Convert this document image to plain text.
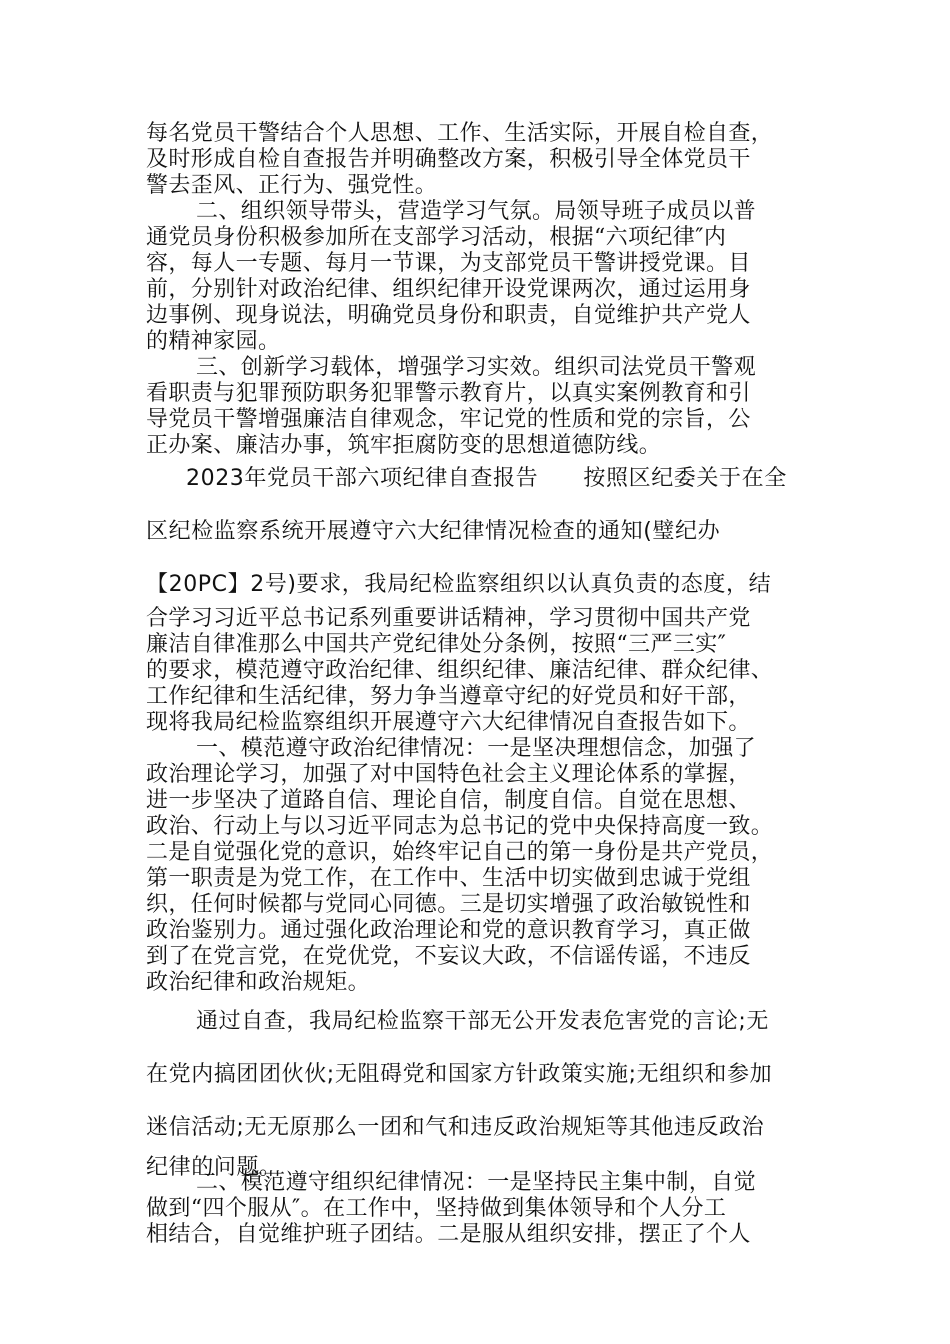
每名党员干警结合个人思想、工作、生活实际，开展自检自查，
及时形成自检自查报告并明确整改方案，积极引导全体党员干
警去歪风、正行为、强党性。
二、组织领导带头，营造学习气氛。局领导班子成员以普
通党员身份积极参加所在支部学习活动，根据“六项纪律″内
容，每人一专题、每月一节课，为支部党员干警讲授党课。目
前，分别针对政治纪律、组织纪律开设党课两次，通过运用身
边事例、现身说法，明确党员身份和职责，自觉维护共产党人
的精神家园。
三、创新学习载体，增强学习实效。组织司法党员干警观
看职责与犯罪预防职务犯罪警示教育片，以真实案例教育和引
导党员干警增强廉洁自律观念，牢记党的性质和党的宗旨，公
正办案、廉洁办事，筑牢拒腐防变的思想道德防线。
2023年党员干部六项纪律自查报告　　按照区纪委关于在全
区纪检监察系统开展遵守六大纪律情况检查的通知(璧纪办
【20PC】2号)要求，我局纪检监察组织以认真负责的态度，结
合学习习近平总书记系列重要讲话精神，学习贯彻中国共产党
廉洁自律准那么中国共产党纪律处分条例，按照“三严三实″
的要求，模范遵守政治纪律、组织纪律、廉洁纪律、群众纪律、
工作纪律和生活纪律，努力争当遵章守纪的好党员和好干部，
现将我局纪检监察组织开展遵守六大纪律情况自查报告如下。
一、模范遵守政治纪律情况：一是坚决理想信念，加强了
政治理论学习，加强了对中国特色社会主义理论体系的掌握，
进一步坚决了道路自信、理论自信，制度自信。自觉在思想、
政治、行动上与以习近平同志为总书记的党中央保持高度一致。
二是自觉强化党的意识，始终牢记自己的第一身份是共产党员，
第一职责是为党工作，在工作中、生活中切实做到忠诚于党组
织，任何时候都与党同心同德。三是切实增强了政治敏锐性和
政治鉴别力。通过强化政治理论和党的意识教育学习，真正做
到了在党言党，在党优党，不妄议大政，不信谣传谣，不违反
政治纪律和政治规矩。
通过自查，我局纪检监察干部无公开发表危害党的言论;无
在党内搞团团伙伙;无阻碍党和国家方针政策实施;无组织和参加
迷信活动;无无原那么一团和气和违反政治规矩等其他违反政治
纪律的问题。
二、模范遵守组织纪律情况：一是坚持民主集中制，自觉
做到“四个服从″。在工作中，坚持做到集体领导和个人分工
相结合，自觉维护班子团结。二是服从组织安排，摆正了个人
